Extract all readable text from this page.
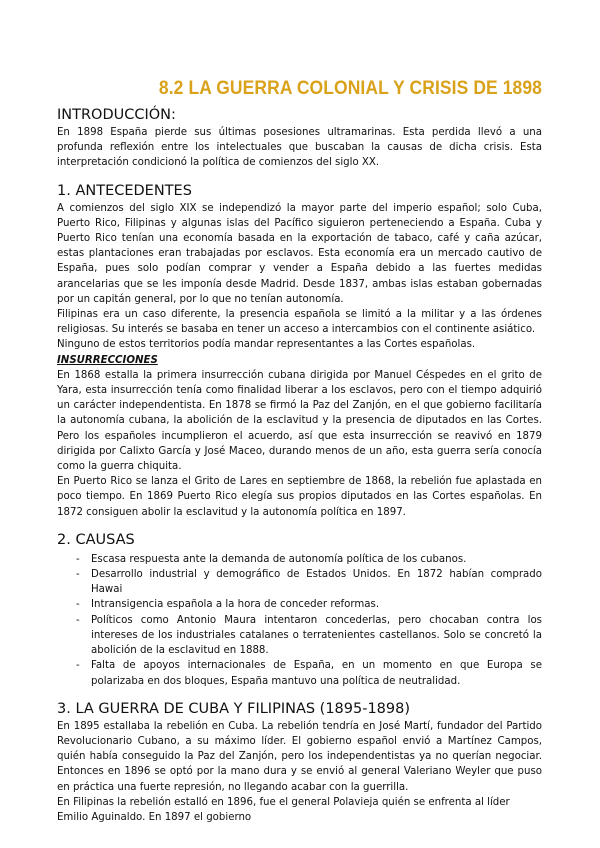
8.2 LA GUERRA COLONIAL Y CRISIS DE 1898
INTRODUCCIÓN:

En 1898 España pierde sus últimas posesiones ultramarinas. Esta perdida llevó a una profunda reflexión entre los intelectuales que buscaban la causas de dicha crisis. Esta interpretación condicionó la política de comienzos del siglo XX.

1. ANTECEDENTES

A comienzos del siglo XIX se independizó la mayor parte del imperio español; solo Cuba, Puerto Rico, Filipinas y algunas islas del Pacífico siguieron perteneciendo a España. Cuba y Puerto Rico tenían una economía basada en la exportación de tabaco, café y caña azúcar, estas plantaciones eran trabajadas por esclavos. Esta economía era un mercado cautivo de España, pues solo podían comprar y vender a España debido a las fuertes medidas arancelarias que se les imponía desde Madrid. Desde 1837, ambas islas estaban gobernadas por un capitán general, por lo que no tenían autonomía.

Filipinas era un caso diferente, la presencia española se limitó a la militar y a las órdenes religiosas. Su interés se basaba en tener un acceso a intercambios con el continente asiático.

Ninguno de estos territorios podía mandar representantes a las Cortes españolas.

INSURRECCIONES

En 1868 estalla la primera insurrección cubana dirigida por Manuel Céspedes en el grito de Yara, esta insurrección tenía como finalidad liberar a los esclavos, pero con el tiempo adquirió un carácter independentista. En 1878 se firmó la Paz del Zanjón, en el que gobierno facilitaría la autonomía cubana, la abolición de la esclavitud y la presencia de diputados en las Cortes. Pero los españoles incumplieron el acuerdo, así que esta insurrección se reavivó en 1879 dirigida por Calixto García y José Maceo, durando menos de un año, esta guerra sería conocía como la guerra chiquita.

En Puerto Rico se lanza el Grito de Lares en septiembre de 1868, la rebelión fue aplastada en poco tiempo. En 1869 Puerto Rico elegía sus propios diputados en las Cortes españolas. En 1872 consiguen abolir la esclavitud y la autonomía política en 1897.

2. CAUSAS
- Escasa respuesta ante la demanda de autonomía política de los cubanos.
- Desarrollo industrial y demográfico de Estados Unidos. En 1872 habían comprado Hawai
- Intransigencia española a la hora de conceder reformas.
- Políticos como Antonio Maura intentaron concederlas, pero chocaban contra los intereses de los industriales catalanes o terratenientes castellanos. Solo se concretó la abolición de la esclavitud en 1888.
- Falta de apoyos internacionales de España, en un momento en que Europa se polarizaba en dos bloques, España mantuvo una política de neutralidad.
3. LA GUERRA DE CUBA Y FILIPINAS (1895-1898)

En 1895 estallaba la rebelión en Cuba. La rebelión tendría en José Martí, fundador del Partido Revolucionario Cubano, a su máximo líder. El gobierno español envió a Martínez Campos, quién había conseguido la Paz del Zanjón, pero los independentistas ya no querían negociar. Entonces en 1896 se optó por la mano dura y se envió al general Valeriano Weyler que puso en práctica una fuerte represión, no llegando acabar con la guerrilla.

En Filipinas la rebelión estalló en 1896, fue el general Polavieja quién se enfrenta al líder Emilio Aguinaldo. En 1897 el gobierno
